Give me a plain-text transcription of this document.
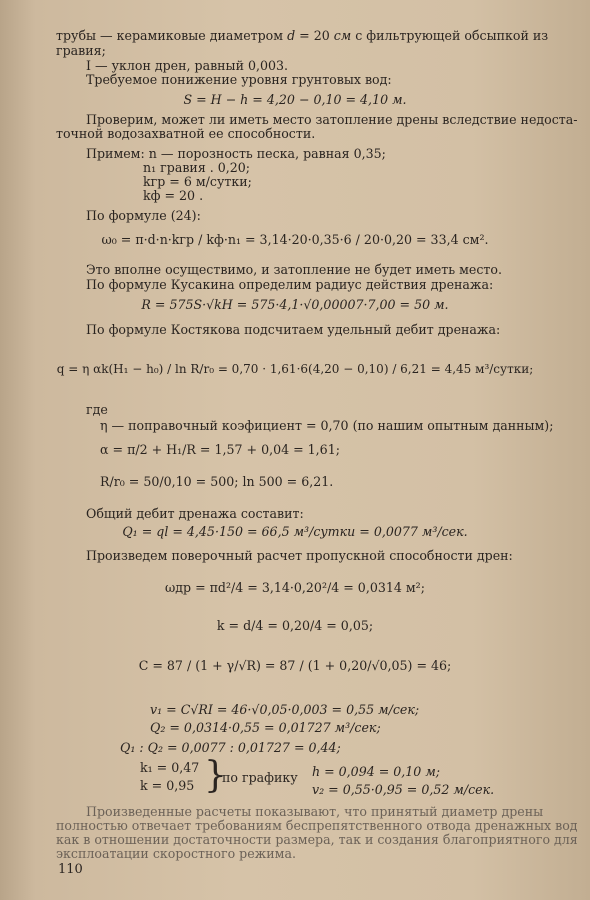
трубы — керамиковые диаметром d = 20 см с фильтрующей обсыпкой из
гравия;
I — уклон дрен, равный 0,003.
Требуемое понижение уровня грунтовых вод:
S = H − h = 4,20 − 0,10 = 4,10 м.
Проверим, может ли иметь место затопление дрены вследствие недоста-
точной водозахватной ее способности.
Примем: n — порозность песка, равная 0,35;
n₁ гравия . 0,20;
kгр = 6 м/сутки;
kф = 20 .
По формуле (24):
ω₀ = π·d·n·kгр / kф·n₁ = 3,14·20·0,35·6 / 20·0,20 = 33,4 см².
Это вполне осуществимо, и затопление не будет иметь место.
По формуле Кусакина определим радиус действия дренажа:
R = 575S·√kH = 575·4,1·√0,00007·7,00 = 50 м.
По формуле Костякова подсчитаем удельный дебит дренажа:
q = η αk(H₁ − h₀) / ln R/r₀ = 0,70 · 1,61·6(4,20 − 0,10) / 6,21 = 4,45 м³/сутки;
где
η — поправочный коэфициент = 0,70 (по нашим опытным данным);
α = π/2 + H₁/R = 1,57 + 0,04 = 1,61;
R/r₀ = 50/0,10 = 500; ln 500 = 6,21.
Общий дебит дренажа составит:
Q₁ = ql = 4,45·150 = 66,5 м³/сутки = 0,0077 м³/сек.
Произведем поверочный расчет пропускной способности дрен:
ωдр = πd²/4 = 3,14·0,20²/4 = 0,0314 м²;
k = d/4 = 0,20/4 = 0,05;
C = 87 / (1 + γ/√R) = 87 / (1 + 0,20/√0,05) = 46;
v₁ = C√RI = 46·√0,05·0,003 = 0,55 м/сек;
Q₂ = 0,0314·0,55 = 0,01727 м³/сек;
Q₁ : Q₂ = 0,0077 : 0,01727 = 0,44;
k₁ = 0,47
k = 0,95 }
по графику h = 0,094 = 0,10 м;
v₂ = 0,55·0,95 = 0,52 м/сек.
Произведенные расчеты показывают, что принятый диаметр дрены
полностью отвечает требованиям беспрепятственного отвода дренажных вод
как в отношении достаточности размера, так и создания благоприятного для
эксплоатации скоростного режима.
110
